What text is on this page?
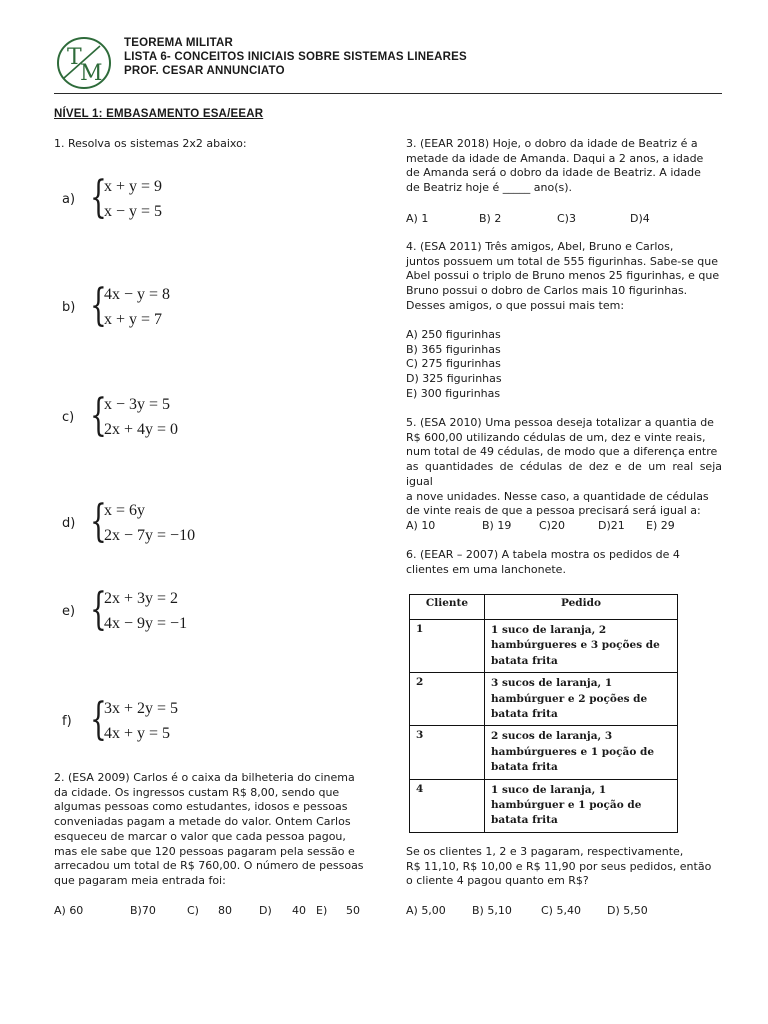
T
M
TEOREMA MILITAR
LISTA 6- CONCEITOS INICIAIS SOBRE SISTEMAS LINEARES
PROF. CESAR ANNUNCIATO
NÍVEL 1: EMBASAMENTO ESA/EEAR
1. Resolva os sistemas 2x2 abaixo:
a) {
x + y = 9
x − y = 5
b) {
4x − y = 8
x + y = 7
c) {
x − 3y = 5
2x + 4y = 0
d) {
x = 6y
2x − 7y = −10
e) {
2x + 3y = 2
4x − 9y = −1
f) {
3x + 2y = 5
4x + y = 5
2. (ESA 2009) Carlos é o caixa da bilheteria do cinema
da cidade. Os ingressos custam R$ 8,00, sendo que
algumas pessoas como estudantes, idosos e pessoas
conveniadas pagam a metade do valor. Ontem Carlos
esqueceu de marcar o valor que cada pessoa pagou,
mas ele sabe que 120 pessoas pagaram pela sessão e
arrecadou um total de R$ 760,00. O número de pessoas
que pagaram meia entrada foi:
A) 60	B)70	C) 80 D) 40 E) 50
3. (EEAR 2018) Hoje, o dobro da idade de Beatriz é a
metade da idade de Amanda. Daqui a 2 anos, a idade
de Amanda será o dobro da idade de Beatriz. A idade
de Beatriz hoje é _____ ano(s).
A) 1	B) 2	C)3	D)4
4. (ESA 2011) Três amigos, Abel, Bruno e Carlos,
juntos possuem um total de 555 figurinhas. Sabe-se que
Abel possui o triplo de Bruno menos 25 figurinhas, e que
Bruno possui o dobro de Carlos mais 10 figurinhas.
Desses amigos, o que possui mais tem:
A) 250 figurinhas
B) 365 figurinhas
C) 275 figurinhas
D) 325 figurinhas
E) 300 figurinhas
5. (ESA 2010) Uma pessoa deseja totalizar a quantia de
R$ 600,00 utilizando cédulas de um, dez e vinte reais,
num total de 49 cédulas, de modo que a diferença entre
as quantidades de cédulas de dez e de um real seja igual
a nove unidades. Nesse caso, a quantidade de cédulas
de vinte reais de que a pessoa precisará será igual a:
A) 10	B) 19	C)20	D)21 E) 29
6. (EEAR – 2007) A tabela mostra os pedidos de 4
clientes em uma lanchonete.
Cliente	Pedido
1	1 suco de laranja, 2
hambúrgueres e 3 poções de
batata frita

2	3 sucos de laranja, 1
hambúrguer e 2 poções de
batata frita

3	2 sucos de laranja, 3
hambúrgueres e 1 poção de
batata frita

4	1 suco de laranja, 1
hambúrguer e 1 poção de
batata frita
Se os clientes 1, 2 e 3 pagaram, respectivamente,
R$ 11,10, R$ 10,00 e R$ 11,90 por seus pedidos, então
o cliente 4 pagou quanto em R$?
A) 5,00 B) 5,10	C) 5,40 D) 5,50
